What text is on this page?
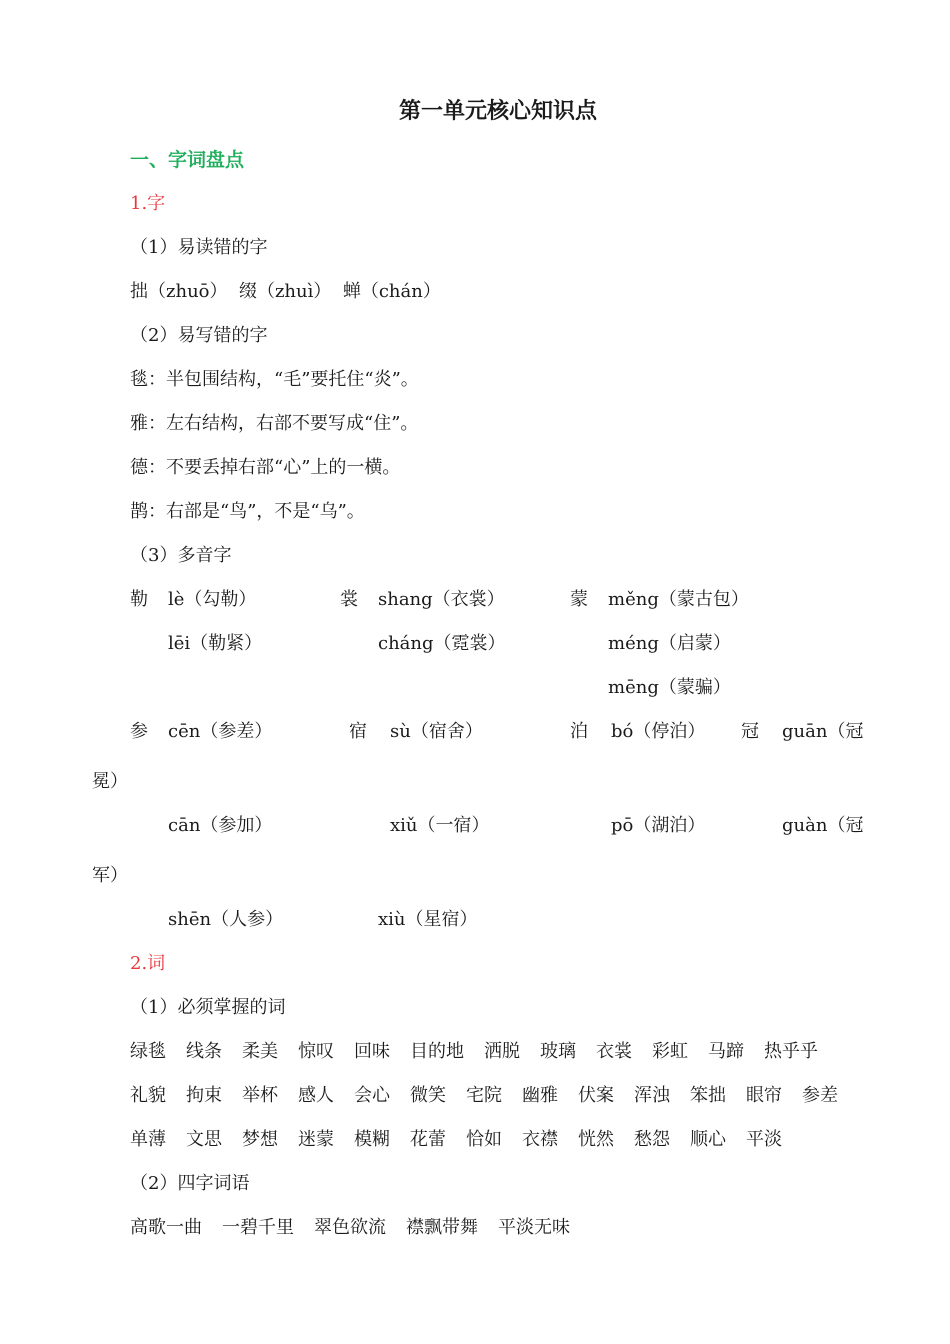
第一单元核心知识点
一、字词盘点
1.字
（1）易读错的字
拙（zhuō）  缀（zhuì）  蝉（chán）
（2）易写错的字
毯：半包围结构，“毛”要托住“炎”。
雅：左右结构，右部不要写成“住”。
德：不要丢掉右部“心”上的一横。
鹊：右部是“鸟”，不是“乌”。
（3）多音字
勒 lè（勾勒）
lēi（勒紧）
裳 shang（衣裳）
cháng（霓裳）
蒙 měng（蒙古包）
méng（启蒙）
mēng（蒙骗）
参 cēn（参差）
cān（参加）
shēn（人参）
宿 sù（宿舍）
xiǔ（一宿）
xiù（星宿）
泊 bó（停泊）
pō（湖泊）
冠 guān（冠
冕）
guàn（冠
军）
2.词
（1）必须掌握的词
绿毯 线条 柔美 惊叹 回味 目的地 洒脱 玻璃 衣裳 彩虹 马蹄 热乎乎
礼貌 拘束 举杯 感人 会心 微笑 宅院 幽雅 伏案 浑浊 笨拙 眼帘 参差
单薄 文思 梦想 迷蒙 模糊 花蕾 恰如 衣襟 恍然 愁怨 顺心 平淡
（2）四字词语
高歌一曲 一碧千里 翠色欲流 襟飘带舞 平淡无味
